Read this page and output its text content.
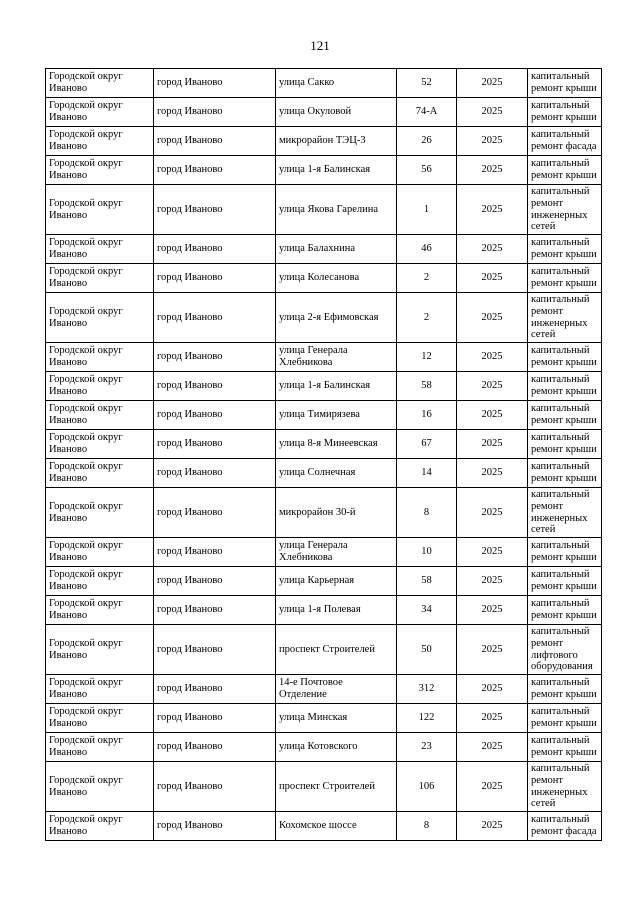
121
Городской округ Иваново	город Иваново	улица Сакко	52	2025	капитальный ремонт крыши
Городской округ Иваново	город Иваново	улица Окуловой	74-А	2025	капитальный ремонт крыши
Городской округ Иваново	город Иваново	микрорайон ТЭЦ-3	26	2025	капитальный ремонт фасада
Городской округ Иваново	город Иваново	улица 1-я Балинская	56	2025	капитальный ремонт крыши
Городской округ Иваново	город Иваново	улица Якова Гарелина	1	2025	капитальный ремонт инженерных сетей
Городской округ Иваново	город Иваново	улица Балахнина	46	2025	капитальный ремонт крыши
Городской округ Иваново	город Иваново	улица Колесанова	2	2025	капитальный ремонт крыши
Городской округ Иваново	город Иваново	улица 2-я Ефимовская	2	2025	капитальный ремонт инженерных сетей
Городской округ Иваново	город Иваново	улица Генерала Хлебникова	12	2025	капитальный ремонт крыши
Городской округ Иваново	город Иваново	улица 1-я Балинская	58	2025	капитальный ремонт крыши
Городской округ Иваново	город Иваново	улица Тимирязева	16	2025	капитальный ремонт крыши
Городской округ Иваново	город Иваново	улица 8-я Минеевская	67	2025	капитальный ремонт крыши
Городской округ Иваново	город Иваново	улица Солнечная	14	2025	капитальный ремонт крыши
Городской округ Иваново	город Иваново	микрорайон 30-й	8	2025	капитальный ремонт инженерных сетей
Городской округ Иваново	город Иваново	улица Генерала Хлебникова	10	2025	капитальный ремонт крыши
Городской округ Иваново	город Иваново	улица Карьерная	58	2025	капитальный ремонт крыши
Городской округ Иваново	город Иваново	улица 1-я Полевая	34	2025	капитальный ремонт крыши
Городской округ Иваново	город Иваново	проспект Строителей	50	2025	капитальный ремонт лифтового оборудования
Городской округ Иваново	город Иваново	14-е Почтовое Отделение	312	2025	капитальный ремонт крыши
Городской округ Иваново	город Иваново	улица Минская	122	2025	капитальный ремонт крыши
Городской округ Иваново	город Иваново	улица Котовского	23	2025	капитальный ремонт крыши
Городской округ Иваново	город Иваново	проспект Строителей	106	2025	капитальный ремонт инженерных сетей
Городской округ Иваново	город Иваново	Кохомское шоссе	8	2025	капитальный ремонт фасада
